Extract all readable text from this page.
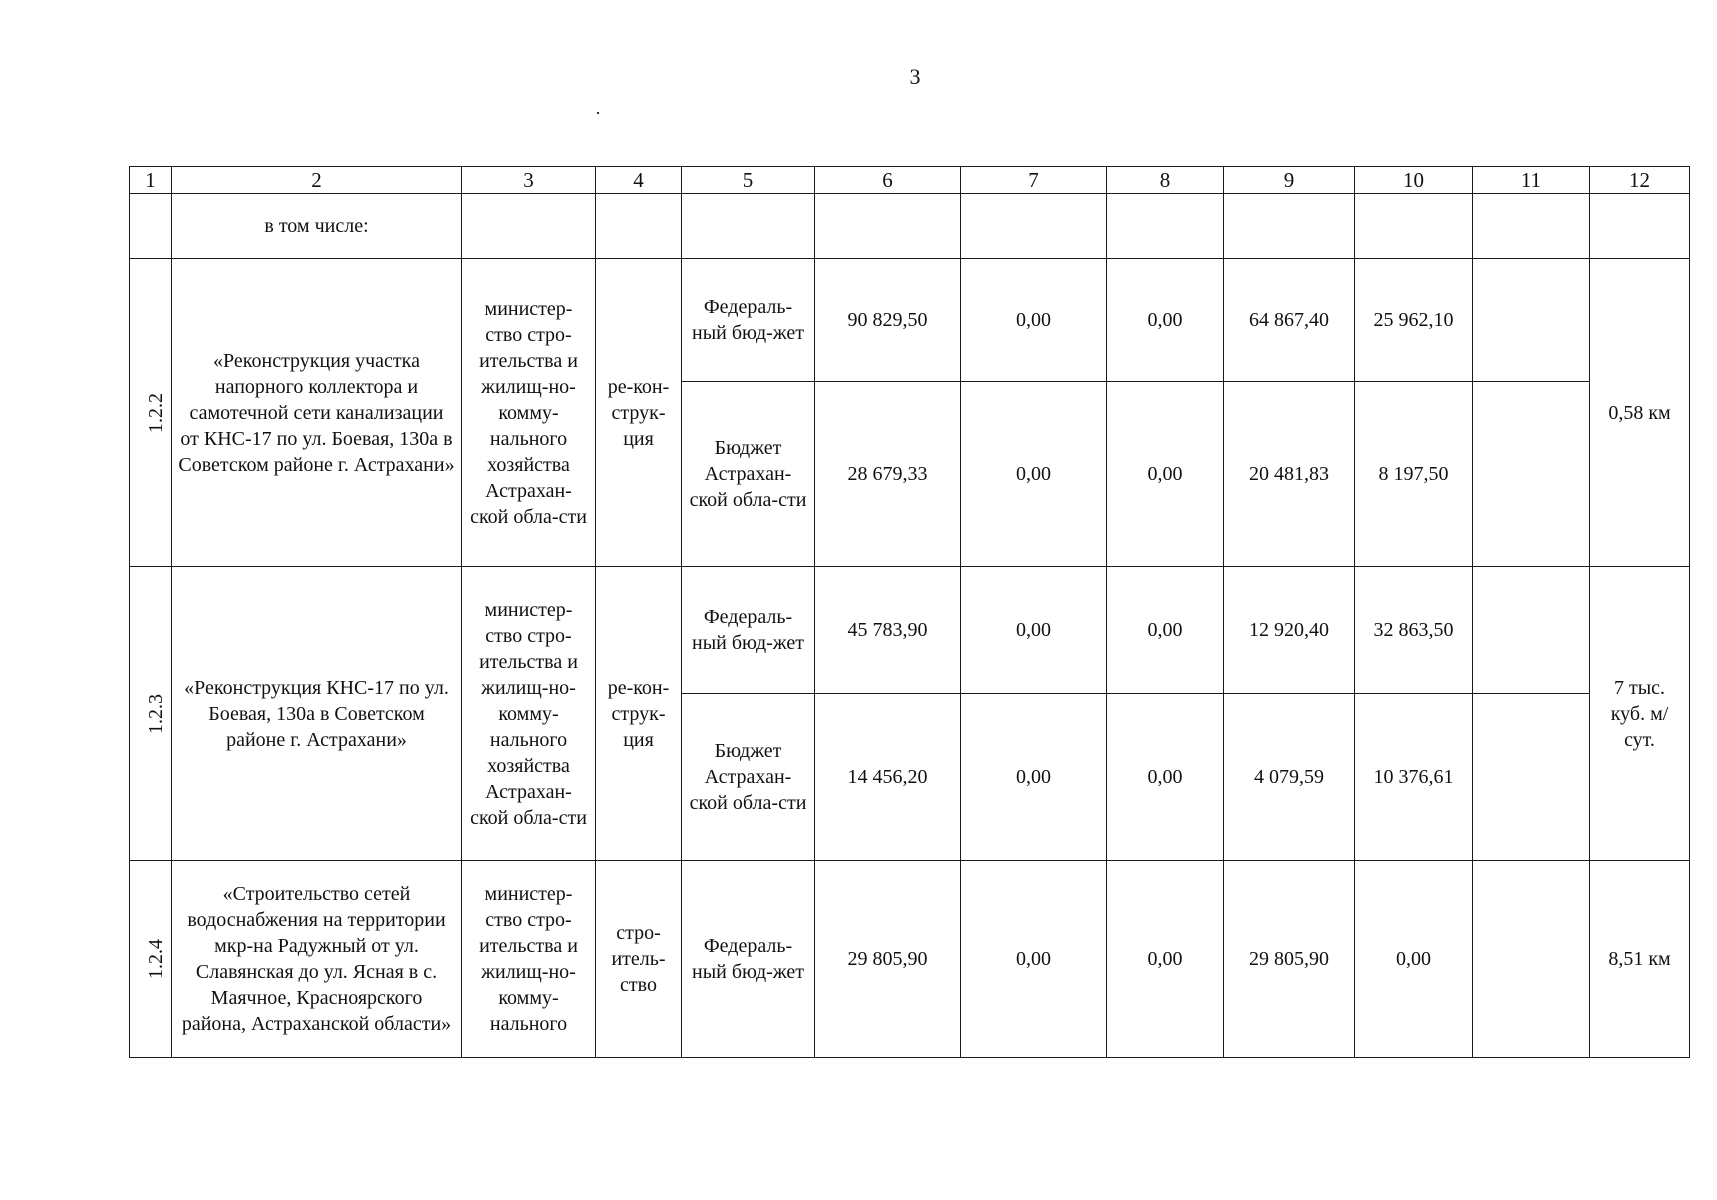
3
1	2	3	4	5	6	7	8	9	10	11	12
	в том числе:										
1.2.2	«Реконструкция участка напорного коллектора и самотечной сети канализации от КНС-17 по ул. Боевая, 130а в Советском районе г. Астрахани»	министер-ство стро-ительства и жилищ-но-комму-нального хозяйства Астрахан-ской обла-сти	ре-кон-струк-ция	Федераль-ный бюд-жет	90 829,50	0,00	0,00	64 867,40	25 962,10		0,58 км
				Бюджет Астрахан-ской обла-сти	28 679,33	0,00	0,00	20 481,83	8 197,50		
1.2.3	«Реконструкция КНС-17 по ул. Боевая, 130а в Советском районе г. Астрахани»	министер-ство стро-ительства и жилищ-но-комму-нального хозяйства Астрахан-ской обла-сти	ре-кон-струк-ция	Федераль-ный бюд-жет	45 783,90	0,00	0,00	12 920,40	32 863,50		7 тыс. куб. м/сут.
				Бюджет Астрахан-ской обла-сти	14 456,20	0,00	0,00	4 079,59	10 376,61		
1.2.4	«Строительство сетей водоснабжения на территории мкр-на Радужный от ул. Славянская до ул. Ясная в с. Маячное, Красноярского района, Астраханской области»	министер-ство стро-ительства и жилищ-но-комму-нального	стро-итель-ство	Федераль-ный бюд-жет	29 805,90	0,00	0,00	29 805,90	0,00		8,51 км
